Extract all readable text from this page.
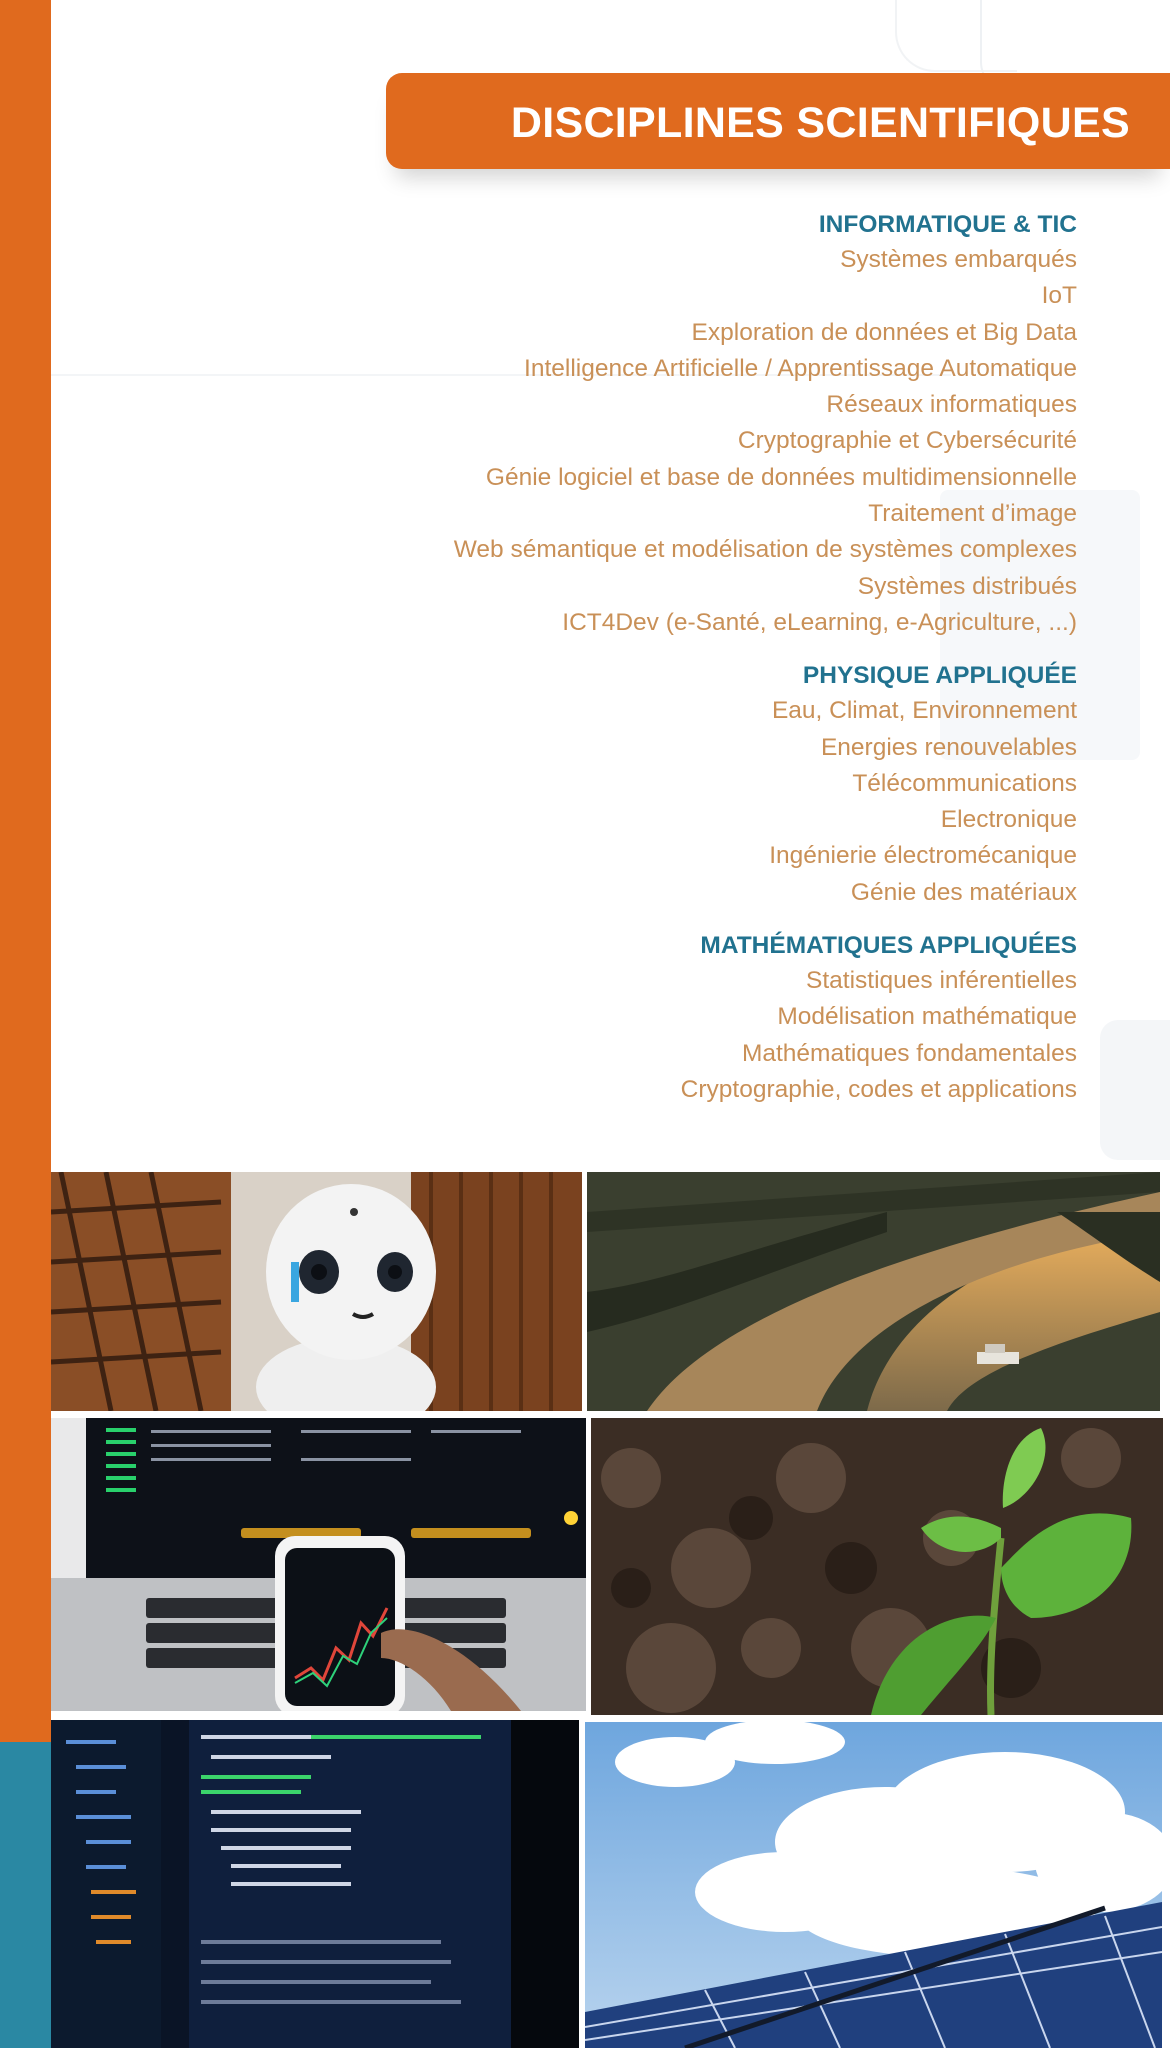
DISCIPLINES SCIENTIFIQUES

INFORMATIQUE & TIC

Systèmes embarqués

IoT

Exploration de données et Big Data

Intelligence Artificielle / Apprentissage Automatique

Réseaux informatiques

Cryptographie et Cybersécurité

Génie logiciel et base de données multidimensionnelle

Traitement d’image

Web sémantique et modélisation de systèmes complexes

Systèmes distribués

ICT4Dev (e-Santé, eLearning, e-Agriculture, ...)

PHYSIQUE APPLIQUÉE

Eau, Climat, Environnement

Energies renouvelables

Télécommunications

Electronique

Ingénierie électromécanique

Génie des matériaux

MATHÉMATIQUES APPLIQUÉES

Statistiques inférentielles

Modélisation mathématique

Mathématiques fondamentales

Cryptographie, codes et applications
